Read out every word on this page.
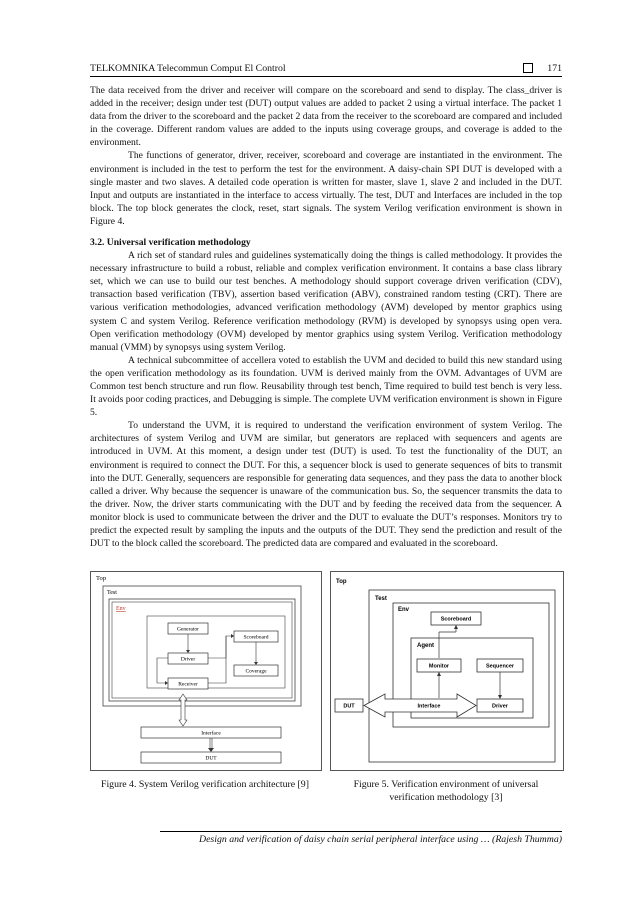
TELKOMNIKA Telecommun Comput El Control	171

The data received from the driver and receiver will compare on the scoreboard and send to display. The class_driver is added in the receiver; design under test (DUT) output values are added to packet 2 using a virtual interface. The packet 1 data from the driver to the scoreboard and the packet 2 data from the receiver to the scoreboard are compared and included in the coverage. Different random values are added to the inputs using coverage groups, and coverage is added to the environment.

The functions of generator, driver, receiver, scoreboard and coverage are instantiated in the environment. The environment is included in the test to perform the test for the environment. A daisy-chain SPI DUT is developed with a single master and two slaves. A detailed code operation is written for master, slave 1, slave 2 and included in the DUT. Input and outputs are instantiated in the interface to access virtually. The test, DUT and Interfaces are included in the top block. The top block generates the clock, reset, start signals. The system Verilog verification environment is shown in Figure 4.

3.2. Universal verification methodology

A rich set of standard rules and guidelines systematically doing the things is called methodology. It provides the necessary infrastructure to build a robust, reliable and complex verification environment. It contains a base class library set, which we can use to build our test benches. A methodology should support coverage driven verification (CDV), transaction based verification (TBV), assertion based verification (ABV), constrained random testing (CRT). There are various verification methodologies, advanced verification methodology (AVM) developed by mentor graphics using system C and system Verilog. Reference verification methodology (RVM) is developed by synopsys using open vera. Open verification methodology (OVM) developed by mentor graphics using system Verilog. Verification methodology manual (VMM) by synopsys using system Verilog.

A technical subcommittee of accellera voted to establish the UVM and decided to build this new standard using the open verification methodology as its foundation. UVM is derived mainly from the OVM. Advantages of UVM are Common test bench structure and run flow. Reusability through test bench, Time required to build test bench is very less. It avoids poor coding practices, and Debugging is simple. The complete UVM verification environment is shown in Figure 5.

To understand the UVM, it is required to understand the verification environment of system Verilog. The architectures of system Verilog and UVM are similar, but generators are replaced with sequencers and agents are introduced in UVM. At this moment, a design under test (DUT) is used. To test the functionality of the DUT, an environment is required to connect the DUT. For this, a sequencer block is used to generate sequences of bits to transmit into the DUT. Generally, sequencers are responsible for generating data sequences, and they pass the data to another block called a driver. Why because the sequencer is unaware of the communication bus. So, the sequencer transmits the data to the driver. Now, the driver starts communicating with the DUT and by feeding the received data from the sequencer. A monitor block is used to communicate between the driver and the DUT to evaluate the DUT’s responses. Monitors try to predict the expected result by sampling the inputs and the outputs of the DUT. They send the prediction and result of the DUT to the block called the scoreboard. The predicted data are compared and evaluated in the scoreboard.

Top
Test
Env
Generator
Scoreboard
Driver
Coverage
Receiver
Interface
DUT
Top
Test
Env
Scoreboard
Agent
Monitor	Sequencer
Driver
DUT	Interface
Figure 4. System Verilog verification architecture [9]	Figure 5. Verification environment of universal verification methodology [3]
Design and verification of daisy chain serial peripheral interface using … (Rajesh Thumma)
